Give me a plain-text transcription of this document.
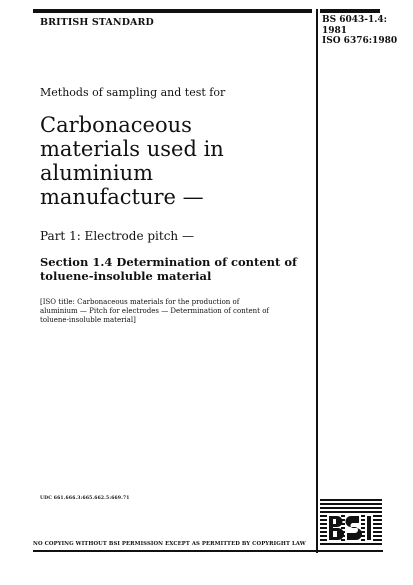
BRITISH STANDARD	BS 6043-1.4:
1981
ISO 6376:1980
Methods of sampling and test for
Carbonaceous
materials used in
aluminium
manufacture —
Part 1: Electrode pitch —
Section 1.4 Determination of content of
toluene-insoluble material
[ISO title: Carbonaceous materials for the production of
aluminium — Pitch for electrodes — Determination of content of
toluene-insoluble material]
UDC 661.666.3:665.662.5:669.71
NO COPYING WITHOUT BSI PERMISSION EXCEPT AS PERMITTED BY COPYRIGHT LAW
